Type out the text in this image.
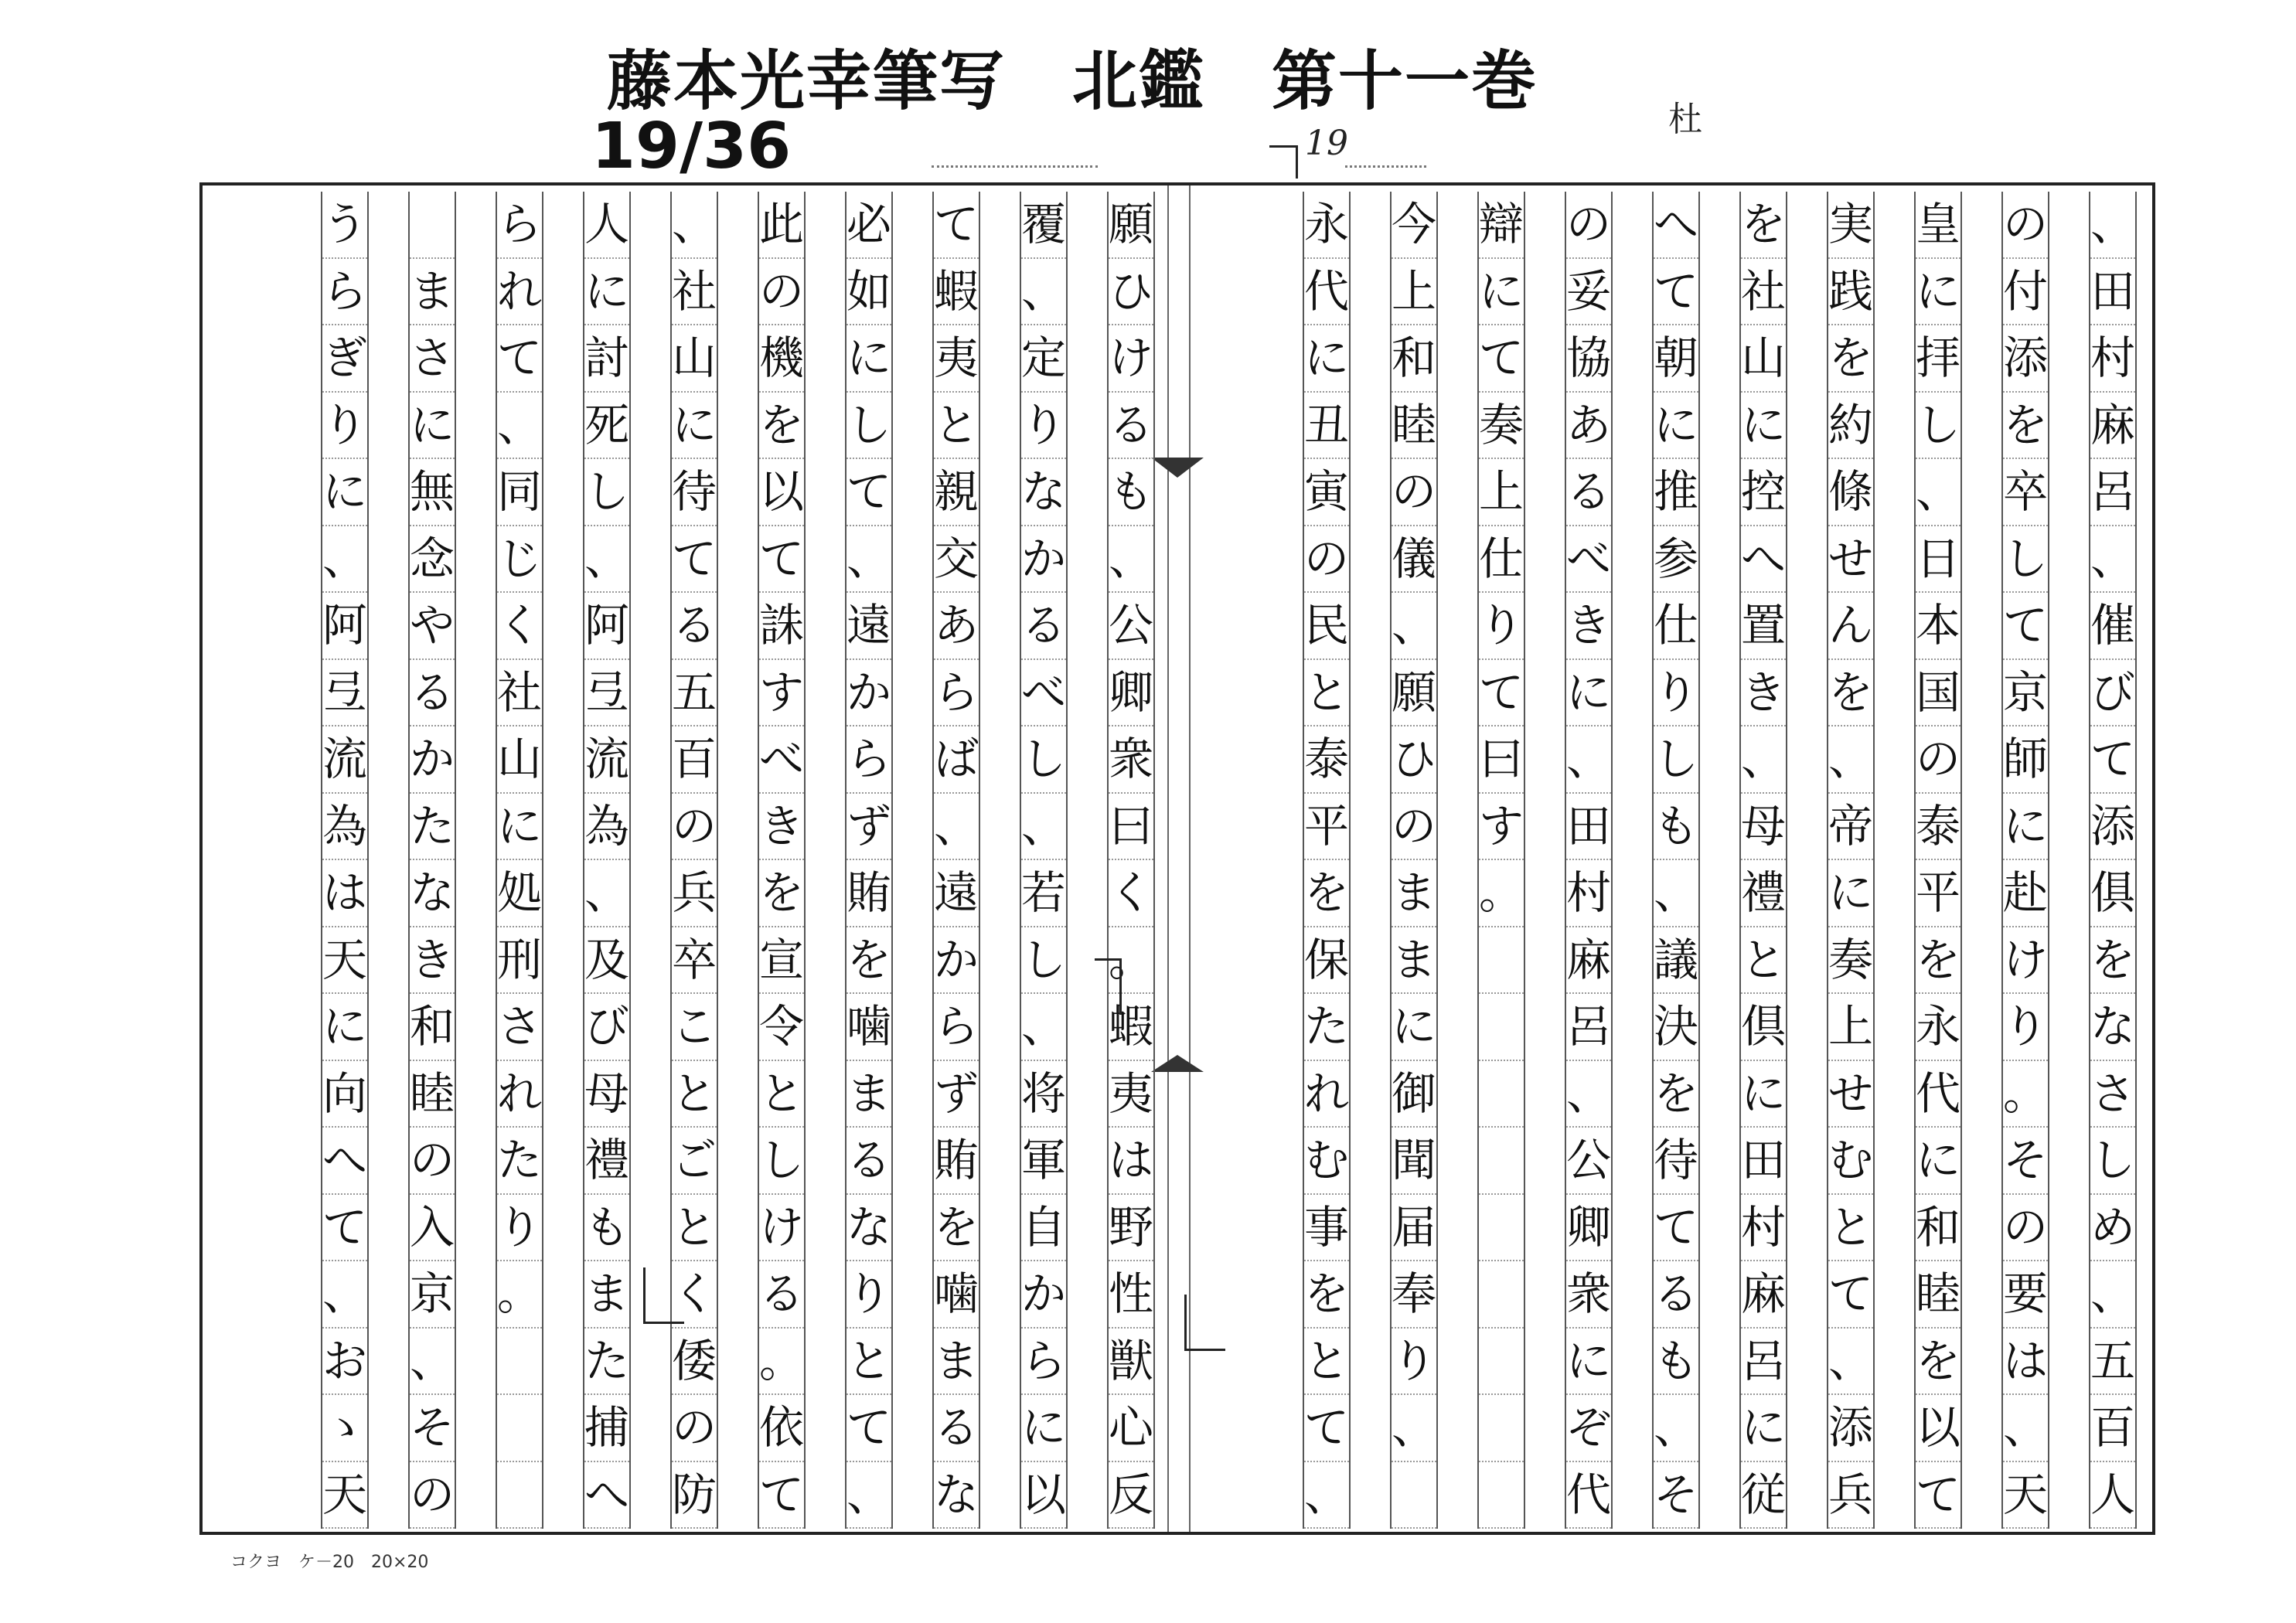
藤本光幸筆写　北鑑　第十一巻
19/36	杜
19
、
田
村
麻
呂
、
催
び
て
添
俱
を
な
さ
し
め
、
五
百
人
の
付
添
を
卒
し
て
京
師
に
赴
け
り
。
そ
の
要
は
、
天
皇
に
拝
し
、
日
本
国
の
泰
平
を
永
代
に
和
睦
を
以
て
実
践
を
約
條
せ
ん
を
、
帝
に
奏
上
せ
む
と
て
、
添
兵
を
社
山
に
控
へ
置
き
、
母
禮
と
倶
に
田
村
麻
呂
に
従
へ
て
朝
に
推
参
仕
り
し
も
、
議
決
を
待
て
る
も
、
そ
の
妥
協
あ
る
べ
き
に
、
田
村
麻
呂
、
公
卿
衆
に
ぞ
代
辯
に
て
奏
上
仕
り
て
曰
す
。
今
上
和
睦
の
儀
、
願
ひ
の
ま
ま
に
御
聞
届
奉
り
、
永
代
に
丑
寅
の
民
と
泰
平
を
保
た
れ
む
事
を
と
て
、
願
ひ
け
る
も
、
公
卿
衆
曰
く
。
蝦
夷
は
野
性
獣
心
反
覆
、
定
り
な
か
る
べ
し
、
若
し
、
将
軍
自
か
ら
に
以
て
蝦
夷
と
親
交
あ
ら
ば
、
遠
か
ら
ず
賄
を
噛
ま
る
な
必
如
に
し
て
、
遠
か
ら
ず
賄
を
噛
ま
る
な
り
と
て
、
此
の
機
を
以
て
誅
す
べ
き
を
宣
令
と
し
け
る
。
依
て
、
社
山
に
待
て
る
五
百
の
兵
卒
こ
と
ご
と
く
倭
の
防
人
に
討
死
し
、
阿
弖
流
為
、
及
び
母
禮
も
ま
た
捕
へ
ら
れ
て
、
同
じ
く
社
山
に
処
刑
さ
れ
た
り
。

ま
さ
に
無
念
や
る
か
た
な
き
和
睦
の
入
京
、
そ
の
う
ら
ぎ
り
に
、
阿
弖
流
為
は
天
に
向
へ
て
、
お
ゝ
天
コクヨ　ケ－20　20×20
